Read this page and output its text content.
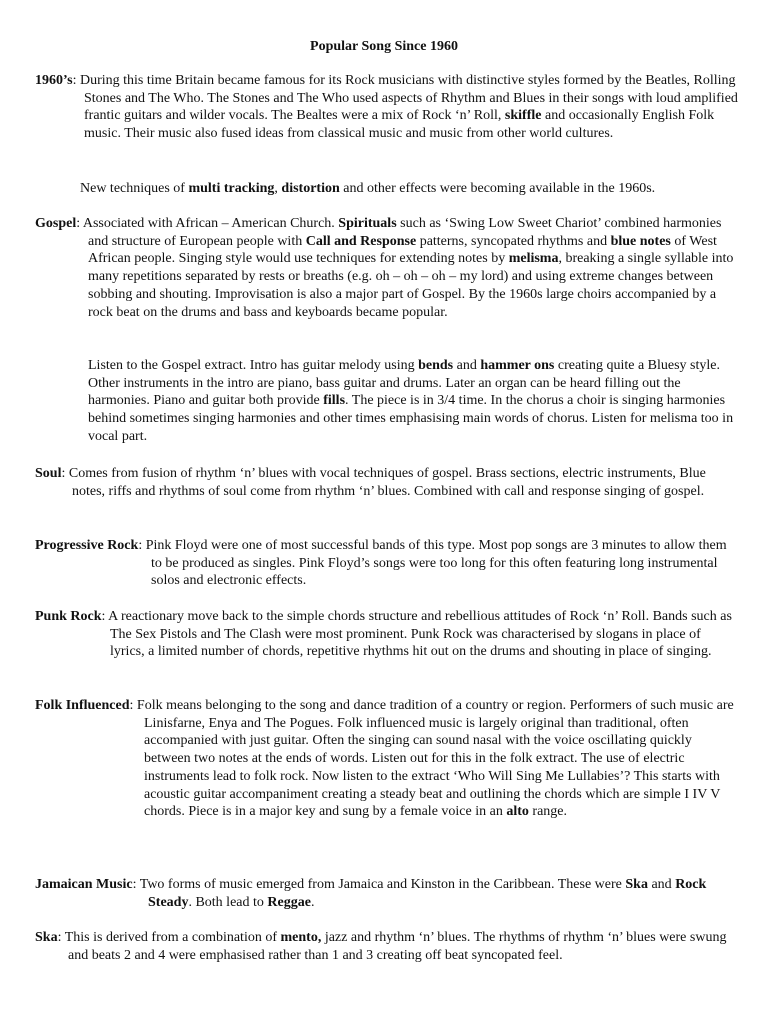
Popular Song Since 1960

1960’s: During this time Britain became famous for its Rock musicians with distinctive styles formed by the Beatles, Rolling Stones and The Who. The Stones and The Who used aspects of Rhythm and Blues in their songs with loud amplified frantic guitars and wilder vocals. The Bealtes were a mix of Rock ‘n’ Roll, skiffle and occasionally English Folk music. Their music also fused ideas from classical music and music from other world cultures.

New techniques of multi tracking, distortion and other effects were becoming available in the 1960s.

Gospel: Associated with African – American Church. Spirituals such as ‘Swing Low Sweet Chariot’ combined harmonies and structure of European people with Call and Response patterns, syncopated rhythms and blue notes of West African people. Singing style would use techniques for extending notes by melisma, breaking a single syllable into many repetitions separated by rests or breaths (e.g. oh – oh – oh – my lord) and using extreme changes between sobbing and shouting. Improvisation is also a major part of Gospel. By the 1960s large choirs accompanied by a rock beat on the drums and bass and keyboards became popular.

Listen to the Gospel extract. Intro has guitar melody using bends and hammer ons creating quite a Bluesy style. Other instruments in the intro are piano, bass guitar and drums. Later an organ can be heard filling out the harmonies. Piano and guitar both provide fills. The piece is in 3/4 time. In the chorus a choir is singing harmonies behind sometimes singing harmonies and other times emphasising main words of chorus. Listen for melisma too in vocal part.

Soul: Comes from fusion of rhythm ‘n’ blues with vocal techniques of gospel. Brass sections, electric instruments, Blue notes, riffs and rhythms of soul come from rhythm ‘n’ blues. Combined with call and response singing of gospel.

Progressive Rock: Pink Floyd were one of most successful bands of this type. Most pop songs are 3 minutes to allow them to be produced as singles. Pink Floyd’s songs were too long for this often featuring long instrumental solos and electronic effects.

Punk Rock: A reactionary move back to the simple chords structure and rebellious attitudes of Rock ‘n’ Roll. Bands such as The Sex Pistols and The Clash were most prominent. Punk Rock was characterised by slogans in place of lyrics, a limited number of chords, repetitive rhythms hit out on the drums and shouting in place of singing.

Folk Influenced: Folk means belonging to the song and dance tradition of a country or region. Performers of such music are Linisfarne, Enya and The Pogues. Folk influenced music is largely original than traditional, often accompanied with just guitar. Often the singing can sound nasal with the voice oscillating quickly between two notes at the ends of words. Listen out for this in the folk extract. The use of electric instruments lead to folk rock. Now listen to the extract ‘Who Will Sing Me Lullabies’? This starts with acoustic guitar accompaniment creating a steady beat and outlining the chords which are simple I IV V chords. Piece is in a major key and sung by a female voice in an alto range.

Jamaican Music: Two forms of music emerged from Jamaica and Kinston in the Caribbean. These were Ska and Rock Steady. Both lead to Reggae.

Ska: This is derived from a combination of mento, jazz and rhythm ‘n’ blues. The rhythms of rhythm ‘n’ blues were swung and beats 2 and 4 were emphasised rather than 1 and 3 creating off beat syncopated feel.
